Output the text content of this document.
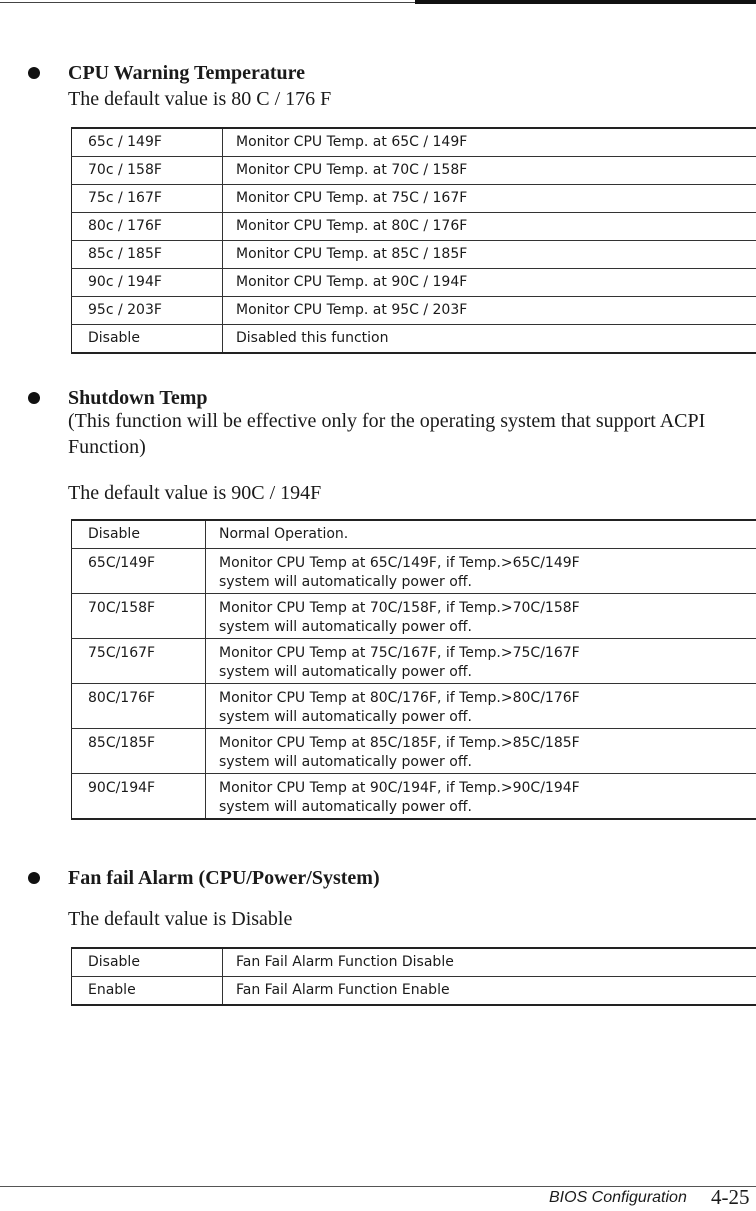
CPU Warning Temperature
The default value is 80 C / 176 F
65c / 149F	Monitor CPU Temp. at 65C / 149F
70c / 158F	Monitor CPU Temp. at 70C / 158F
75c / 167F	Monitor CPU Temp. at 75C / 167F
80c / 176F	Monitor CPU Temp. at 80C / 176F
85c / 185F	Monitor CPU Temp. at 85C / 185F
90c / 194F	Monitor CPU Temp. at 90C / 194F
95c / 203F	Monitor CPU Temp. at 95C / 203F
Disable	Disabled this function
Shutdown Temp
(This function will be effective only for the operating system that support ACPI Function)
The default value is 90C / 194F
Disable	Normal Operation.

65C/149F	Monitor CPU Temp at 65C/149F, if Temp.>65C/149F
system will automatically power off.

70C/158F	Monitor CPU Temp at 70C/158F, if Temp.>70C/158F
system will automatically power off.

75C/167F	Monitor CPU Temp at 75C/167F, if Temp.>75C/167F
system will automatically power off.

80C/176F	Monitor CPU Temp at 80C/176F, if Temp.>80C/176F
system will automatically power off.

85C/185F	Monitor CPU Temp at 85C/185F, if Temp.>85C/185F
system will automatically power off.

90C/194F	Monitor CPU Temp at 90C/194F, if Temp.>90C/194F
system will automatically power off.
Fan fail Alarm (CPU/Power/System)
The default value is Disable
Disable	Fan Fail Alarm Function Disable
Enable	Fan Fail Alarm Function Enable
BIOS Configuration 4-25
